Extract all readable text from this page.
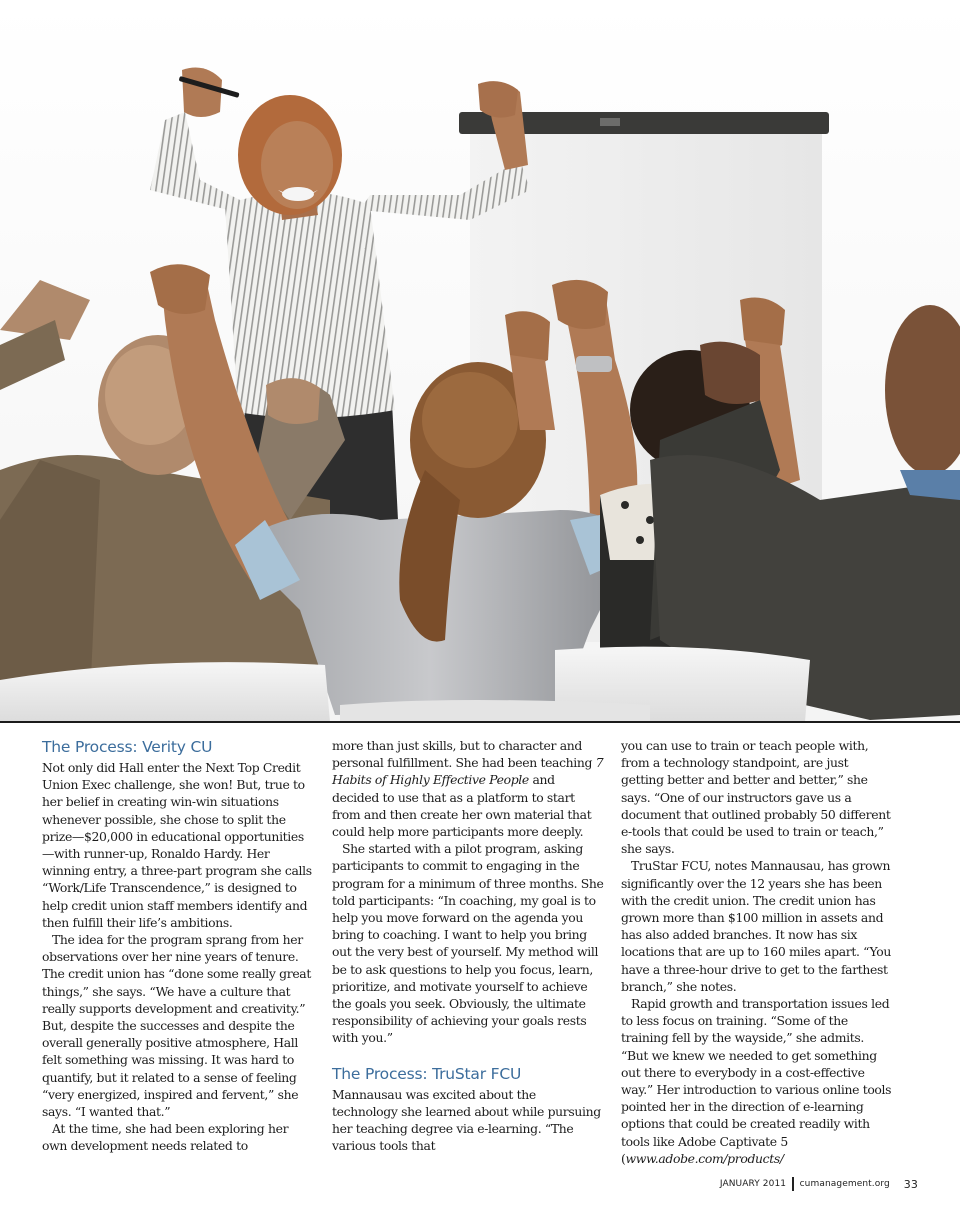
The Process: Verity CU

Not only did Hall enter the Next Top Credit Union Exec challenge, she won! But, true to her belief in creating win-win situations whenever possible, she chose to split the prize—$20,000 in educational opportunities—with runner-up, Ronaldo Hardy. Her winning entry, a three-part program she calls “Work/Life Transcendence,” is designed to help credit union staff members identify and then fulfill their life’s ambitions.

The idea for the program sprang from her observations over her nine years of tenure. The credit union has “done some really great things,” she says. “We have a culture that really supports development and creativity.” But, despite the successes and despite the overall generally positive atmosphere, Hall felt something was missing. It was hard to quantify, but it related to a sense of feeling “very energized, inspired and fervent,” she says. “I wanted that.”

At the time, she had been exploring her own development needs related to

more than just skills, but to character and personal fulfillment. She had been teaching 7 Habits of Highly Effective People and decided to use that as a platform to start from and then create her own material that could help more participants more deeply.

She started with a pilot program, asking participants to commit to engaging in the program for a minimum of three months. She told participants: “In coaching, my goal is to help you move forward on the agenda you bring to coaching. I want to help you bring out the very best of yourself. My method will be to ask questions to help you focus, learn, prioritize, and motivate yourself to achieve the goals you seek. Obviously, the ultimate responsibility of achieving your goals rests with you.”

The Process: TruStar FCU

Mannausau was excited about the technology she learned about while pursuing her teaching degree via e-learning. “The various tools that

you can use to train or teach people with, from a technology standpoint, are just getting better and better and better,” she says. “One of our instructors gave us a document that outlined probably 50 different e-tools that could be used to train or teach,” she says.

TruStar FCU, notes Mannausau, has grown significantly over the 12 years she has been with the credit union. The credit union has grown more than $100 million in assets and has also added branches. It now has six locations that are up to 160 miles apart. “You have a three-hour drive to get to the farthest branch,” she notes.

Rapid growth and transportation issues led to less focus on training. “Some of the training fell by the wayside,” she admits. “But we knew we needed to get something out there to everybody in a cost-effective way.” Her introduction to various online tools pointed her in the direction of e-learning options that could be created readily with tools like Adobe Captivate 5 (www.adobe.com/products/

JANUARY 2011 cumanagement.org 33
